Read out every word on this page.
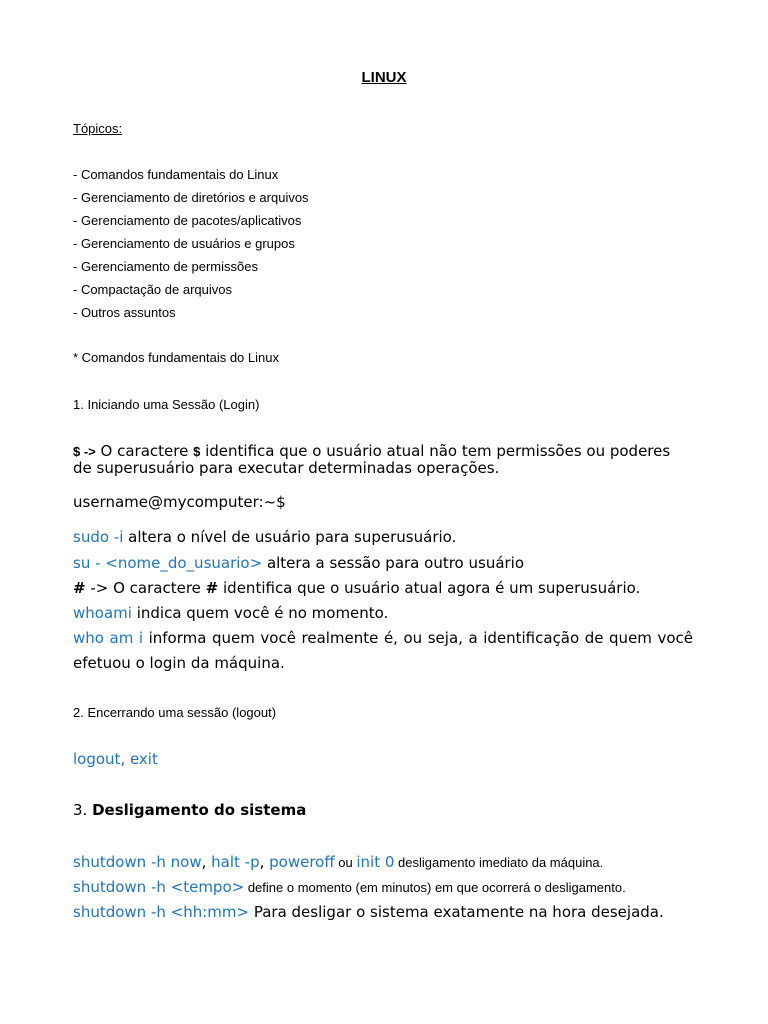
LINUX
Tópicos:
- Comandos fundamentais do Linux
- Gerenciamento de diretórios e arquivos
- Gerenciamento de pacotes/aplicativos
- Gerenciamento de usuários e grupos
- Gerenciamento de permissões
- Compactação de arquivos
- Outros assuntos
* Comandos fundamentais do Linux
1. Iniciando uma Sessão (Login)
$ -> O caractere $ identifica que o usuário atual não tem permissões ou poderes de superusuário para executar determinadas operações.
username@mycomputer:~$
sudo -i altera o nível de usuário para superusuário.
su - <nome_do_usuario> altera a sessão para outro usuário
# -> O caractere # identifica que o usuário atual agora é um superusuário.
whoami indica quem você é no momento.
who am i informa quem você realmente é, ou seja, a identificação de quem você efetuou o login da máquina.
2. Encerrando uma sessão (logout)
logout, exit
3. Desligamento do sistema
shutdown -h now, halt -p, poweroff ou init 0 desligamento imediato da máquina.
shutdown -h <tempo> define o momento (em minutos) em que ocorrerá o desligamento.
shutdown -h <hh:mm> Para desligar o sistema exatamente na hora desejada.
